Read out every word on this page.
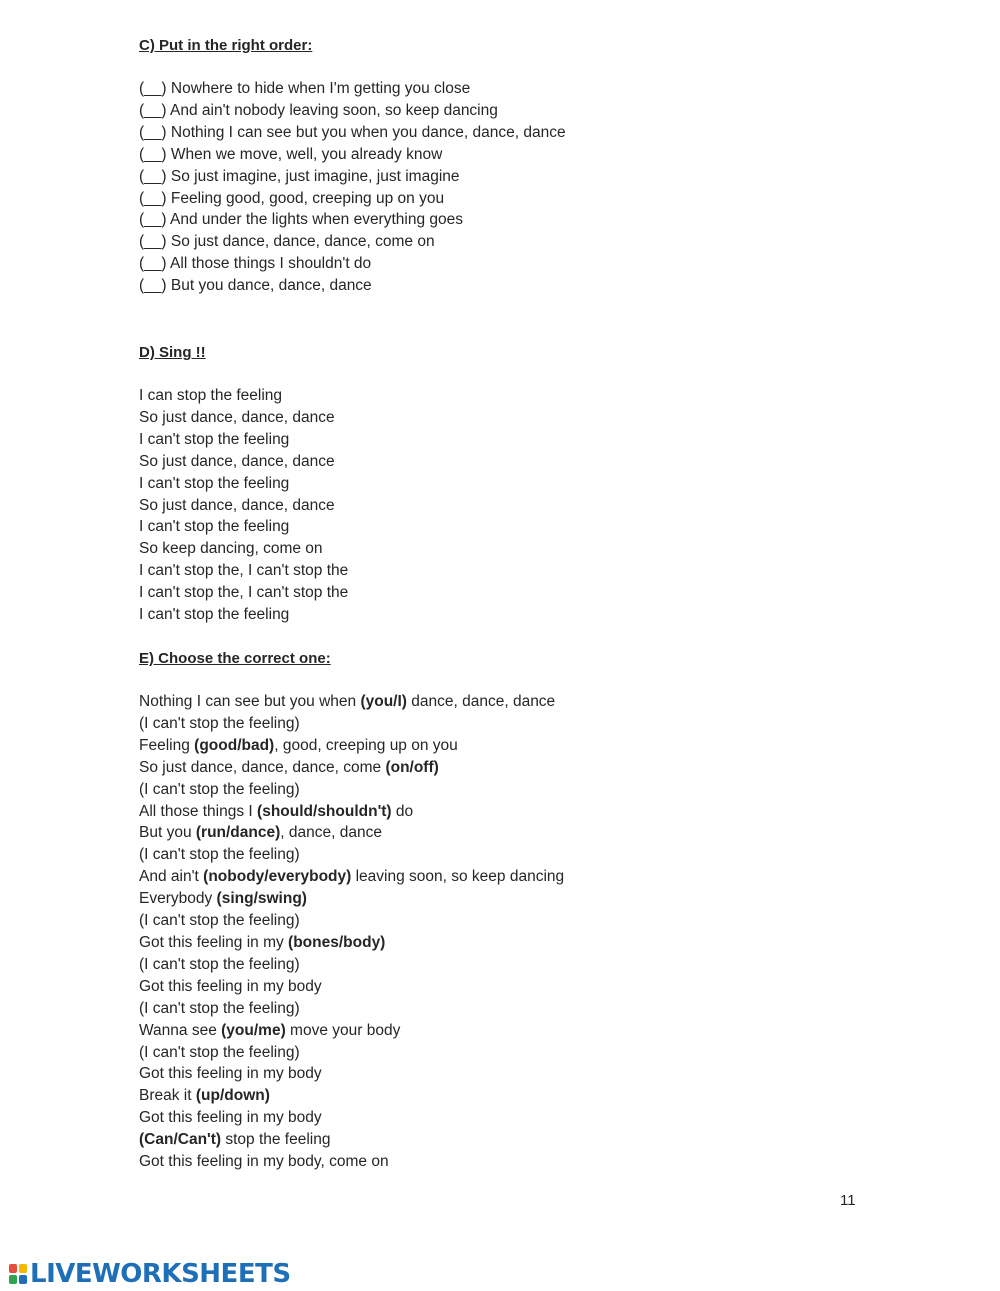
C) Put in the right order:

(__) Nowhere to hide when I'm getting you close
(__) And ain't nobody leaving soon, so keep dancing
(__) Nothing I can see but you when you dance, dance, dance
(__) When we move, well, you already know
(__) So just imagine, just imagine, just imagine
(__) Feeling good, good, creeping up on you
(__) And under the lights when everything goes
(__) So just dance, dance, dance, come on
(__) All those things I shouldn't do
(__) But you dance, dance, dance

D) Sing !!

I can stop the feeling
So just dance, dance, dance
I can't stop the feeling
So just dance, dance, dance
I can't stop the feeling
So just dance, dance, dance
I can't stop the feeling
So keep dancing, come on
I can't stop the, I can't stop the
I can't stop the, I can't stop the
I can't stop the feeling

E) Choose the correct one:

Nothing I can see but you when (you/I) dance, dance, dance
(I can't stop the feeling)
Feeling (good/bad), good, creeping up on you
So just dance, dance, dance, come (on/off)
(I can't stop the feeling)
All those things I (should/shouldn't) do
But you (run/dance), dance, dance
(I can't stop the feeling)
And ain't (nobody/everybody) leaving soon, so keep dancing
Everybody (sing/swing)
(I can't stop the feeling)
Got this feeling in my (bones/body)
(I can't stop the feeling)
Got this feeling in my body
(I can't stop the feeling)
Wanna see (you/me) move your body
(I can't stop the feeling)
Got this feeling in my body
Break it (up/down)
Got this feeling in my body
(Can/Can't) stop the feeling
Got this feeling in my body, come on
11
LIVEWORKSHEETS
